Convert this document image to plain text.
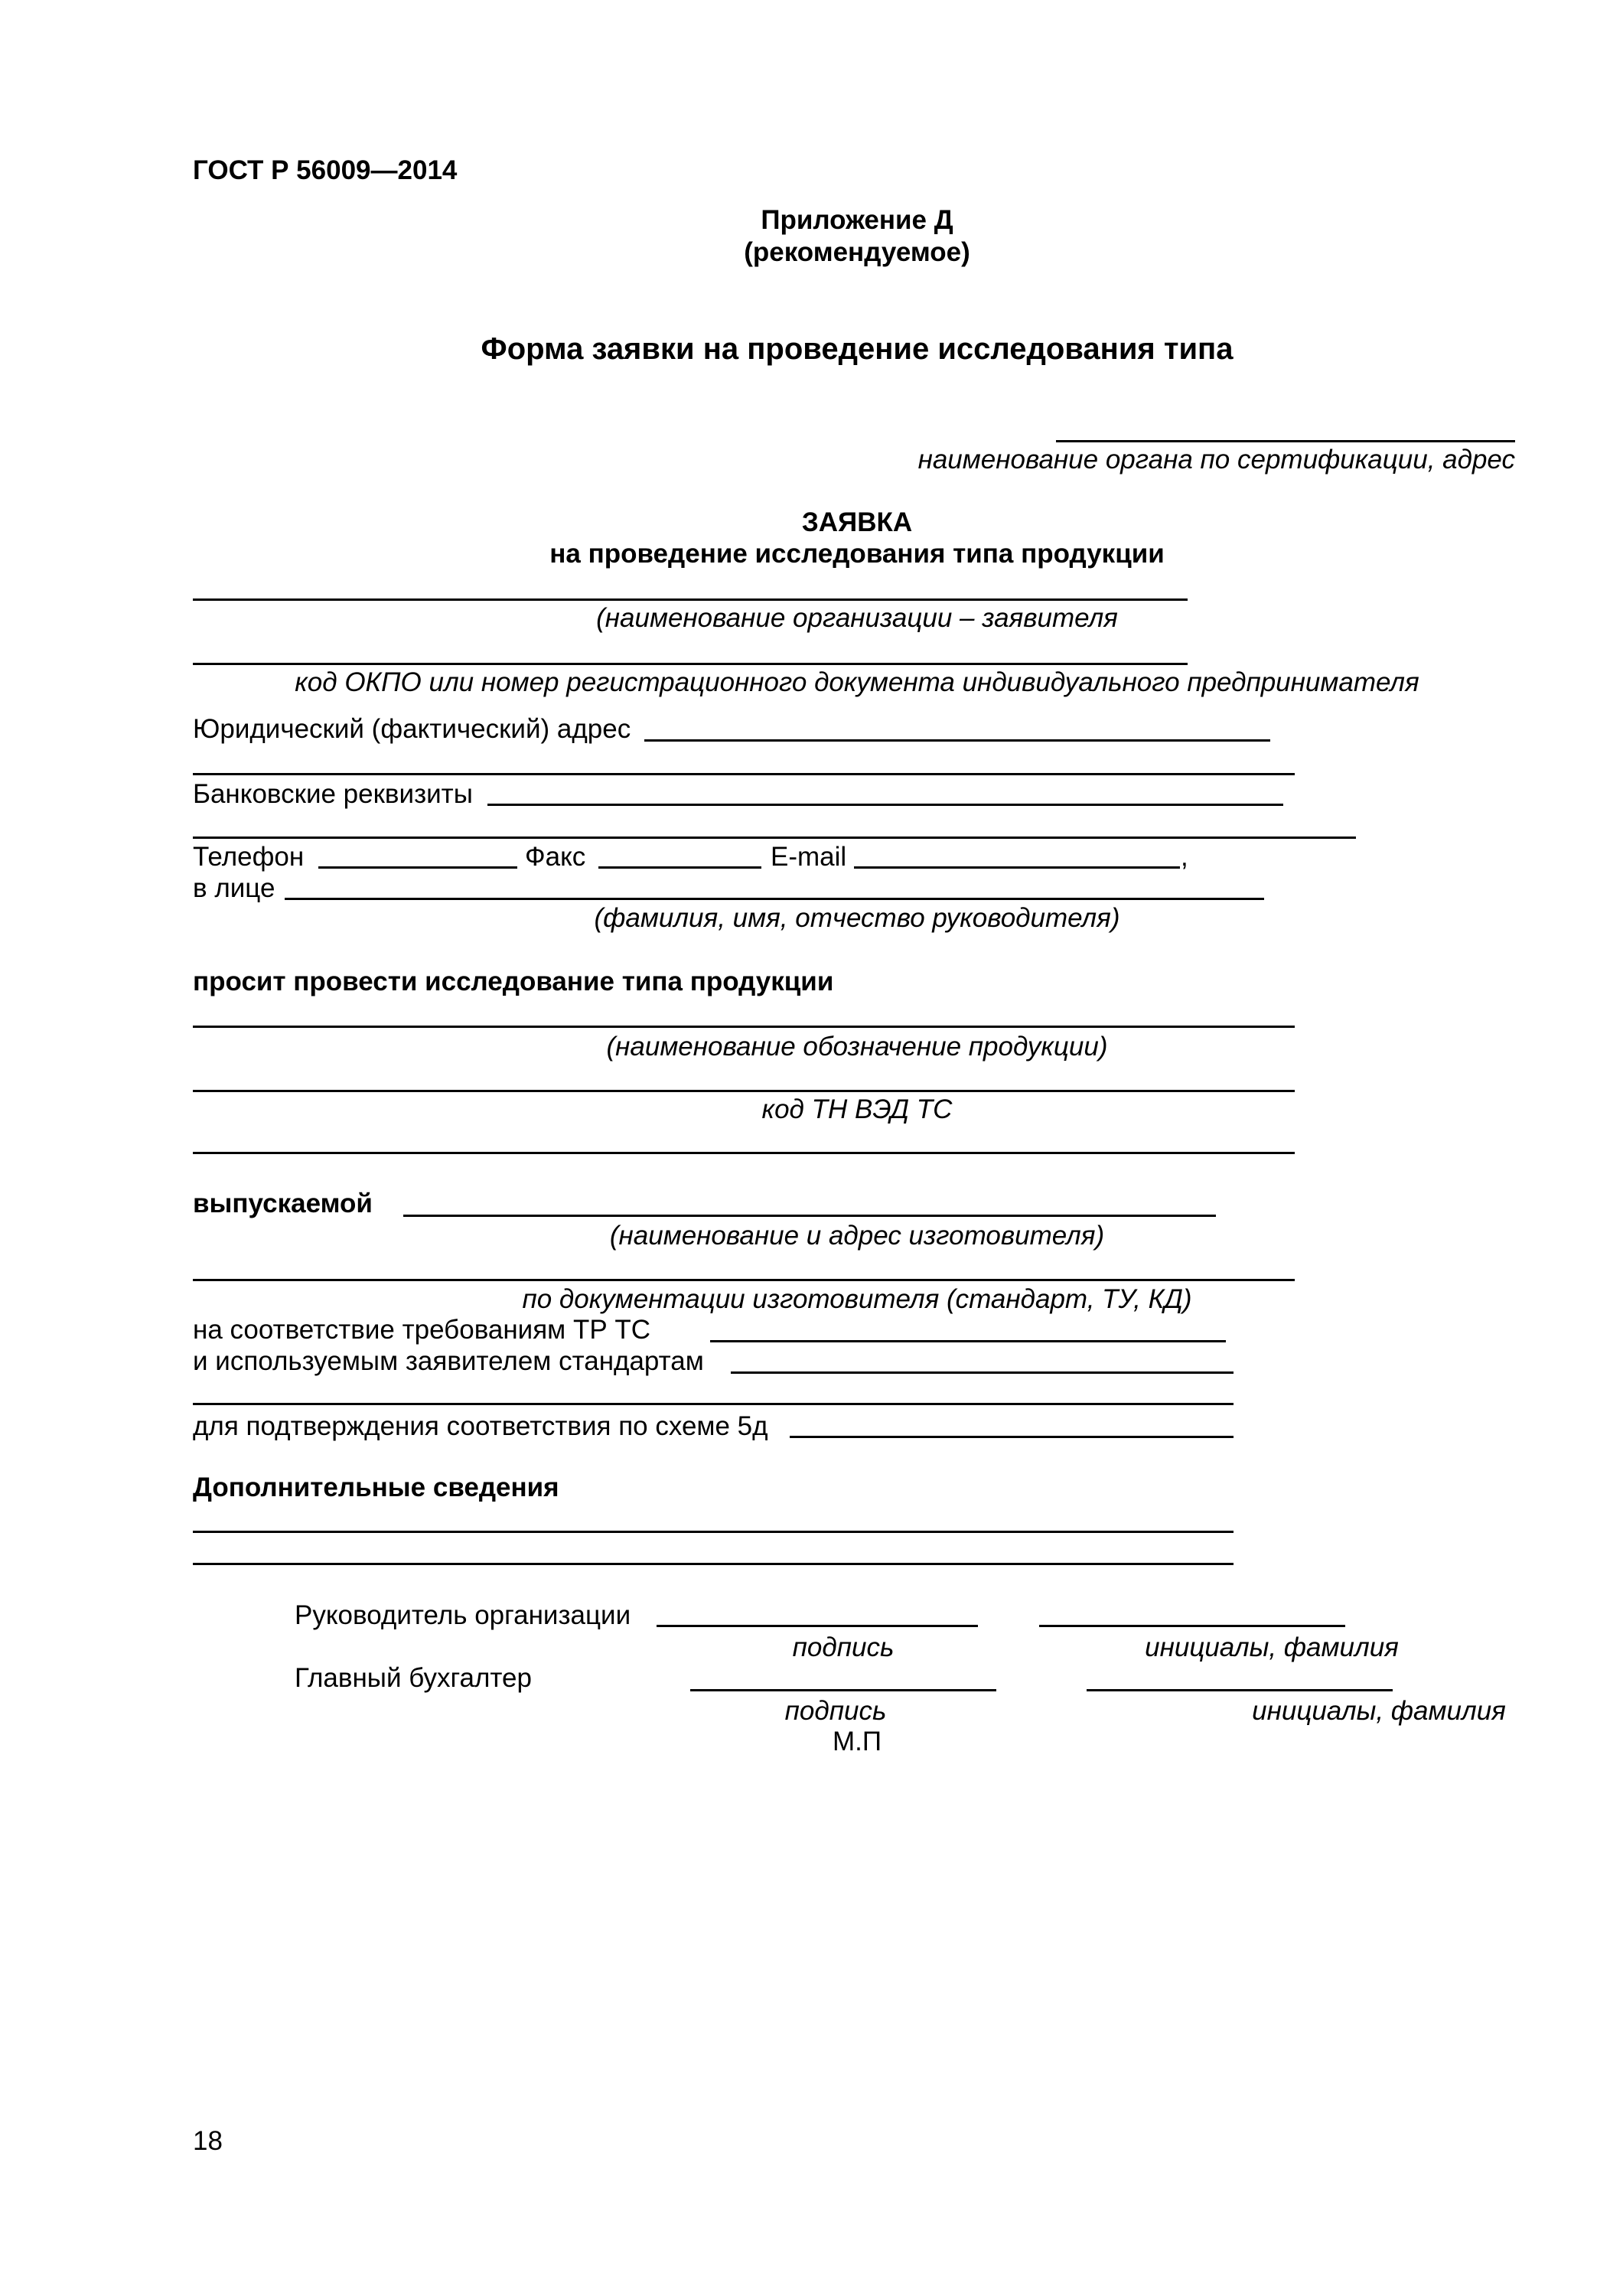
ГОСТ Р 56009—2014
Приложение Д
(рекомендуемое)
Форма заявки на проведение исследования типа
наименование органа по сертификации, адрес
ЗАЯВКА
на проведение исследования типа продукции
(наименование организации – заявителя
код ОКПО или номер регистрационного документа индивидуального предпринимателя
Юридический (фактический) адрес
Банковские реквизиты
Телефон	Факс	E-mail	,
в лице
(фамилия, имя, отчество руководителя)
просит провести исследование типа продукции
(наименование обозначение продукции)
код ТН ВЭД ТС
выпускаемой
(наименование и адрес изготовителя)
по документации изготовителя (стандарт, ТУ, КД)
на соответствие требованиям ТР ТС
и используемым заявителем стандартам
для подтверждения соответствия по схеме 5д
Дополнительные сведения
Руководитель организации
подпись	инициалы, фамилия
Главный бухгалтер
подпись	инициалы, фамилия
М.П
18
